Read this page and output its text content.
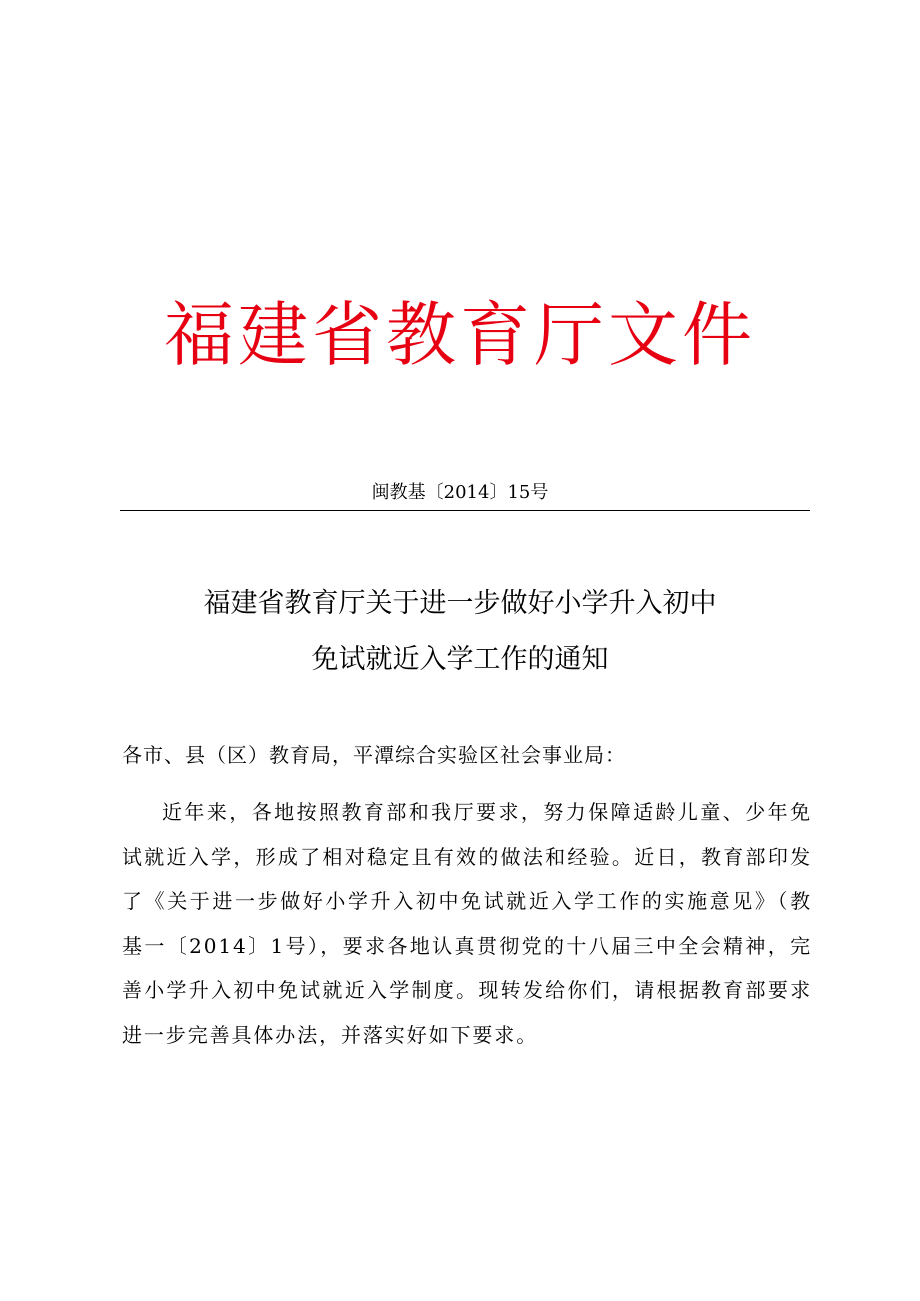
福建省教育厅文件
闽教基〔2014〕15号
福建省教育厅关于进一步做好小学升入初中
免试就近入学工作的通知
各市、县（区）教育局，平潭综合实验区社会事业局：

近年来，各地按照教育部和我厅要求，努力保障适龄儿童、少年免试就近入学，形成了相对稳定且有效的做法和经验。近日，教育部印发了《关于进一步做好小学升入初中免试就近入学工作的实施意见》（教基一〔2014〕1号），要求各地认真贯彻党的十八届三中全会精神，完善小学升入初中免试就近入学制度。现转发给你们，请根据教育部要求进一步完善具体办法，并落实好如下要求。
